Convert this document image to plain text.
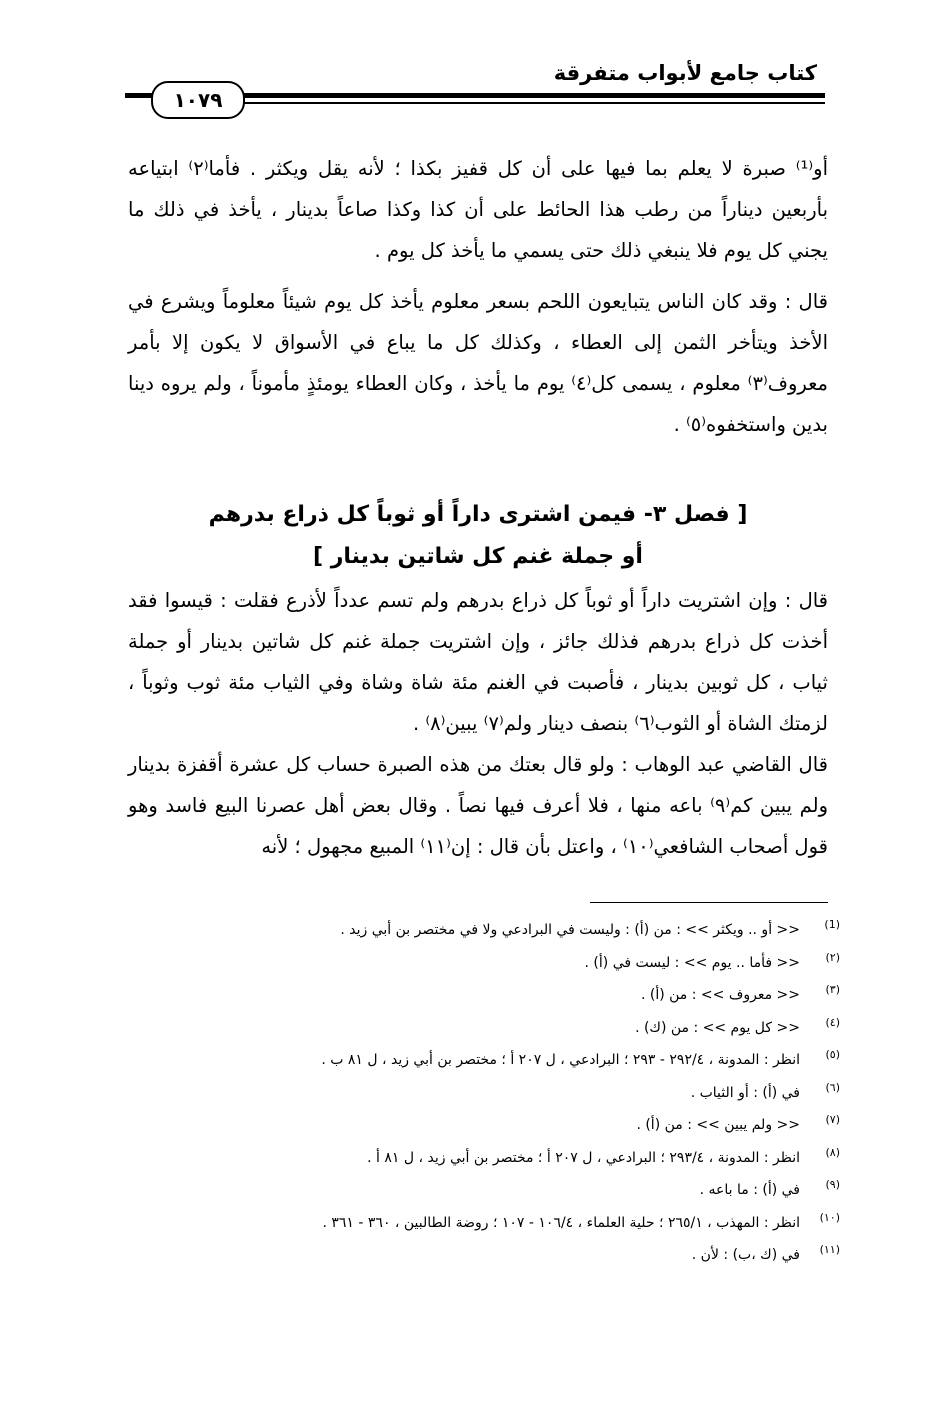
كتاب جامع لأبواب متفرقة
١٠٧٩
أو⁽¹⁾ صبرة لا يعلم بما فيها على أن كل قفيز بكذا ؛ لأنه يقل ويكثر . فأما⁽٢⁾ ابتياعه بأربعين ديناراً من رطب هذا الحائط على أن كذا وكذا صاعاً بدينار ، يأخذ في ذلك ما يجني كل يوم فلا ينبغي ذلك حتى يسمي ما يأخذ كل يوم .
قال : وقد كان الناس يتبايعون اللحم بسعر معلوم يأخذ كل يوم شيئاً معلوماً ويشرع في الأخذ ويتأخر الثمن إلى العطاء ، وكذلك كل ما يباع في الأسواق لا يكون إلا بأمر معروف⁽٣⁾ معلوم ، يسمى كل⁽٤⁾ يوم ما يأخذ ، وكان العطاء يومئذٍ مأموناً ، ولم يروه دينا بدين واستخفوه⁽٥⁾ .
[ فصل ٣- فيمن اشترى داراً أو ثوباً كل ذراع بدرهم
أو جملة غنم كل شاتين بدينار ]
قال : وإن اشتريت داراً أو ثوباً كل ذراع بدرهم ولم تسم عدداً لأذرع فقلت : قيسوا فقد أخذت كل ذراع بدرهم فذلك جائز ، وإن اشتريت جملة غنم كل شاتين بدينار أو جملة ثياب ، كل ثوبين بدينار ، فأصبت في الغنم مئة شاة وشاة وفي الثياب مئة ثوب وثوباً ، لزمتك الشاة أو الثوب⁽٦⁾ بنصف دينار ولم⁽٧⁾ يبين⁽٨⁾ .
قال القاضي عبد الوهاب : ولو قال بعتك من هذه الصبرة حساب كل عشرة أقفزة بدينار ولم يبين كم⁽٩⁾ باعه منها ، فلا أعرف فيها نصاً . وقال بعض أهل عصرنا البيع فاسد وهو قول أصحاب الشافعي⁽١٠⁾ ، واعتل بأن قال : إن⁽١١⁾ المبيع مجهول ؛ لأنه
(1)<< أو .. ويكثر >> : من (أ) : وليست في البرادعي ولا في مختصر بن أبي زيد .
(٢)<< فأما .. يوم >> : ليست في (أ) .
(٣)<< معروف >> : من (أ) .
(٤)<< كل يوم >> : من (ك) .
(٥)انظر : المدونة ، ٢٩٢/٤ - ٢٩٣ ؛ البرادعي ، ل ٢٠٧ أ ؛ مختصر بن أبي زيد ، ل ٨١ ب .
(٦)في (أ) : أو الثياب .
(٧)<< ولم يبين >> : من (أ) .
(٨)انظر : المدونة ، ٢٩٣/٤ ؛ البرادعي ، ل ٢٠٧ أ ؛ مختصر بن أبي زيد ، ل ٨١ أ .
(٩)في (أ) : ما باعه .
(١٠)انظر : المهذب ، ٢٦٥/١ ؛ حلية العلماء ، ١٠٦/٤ - ١٠٧ ؛ روضة الطالبين ، ٣٦٠ - ٣٦١ .
(١١)في (ك ،ب) : لأن .
